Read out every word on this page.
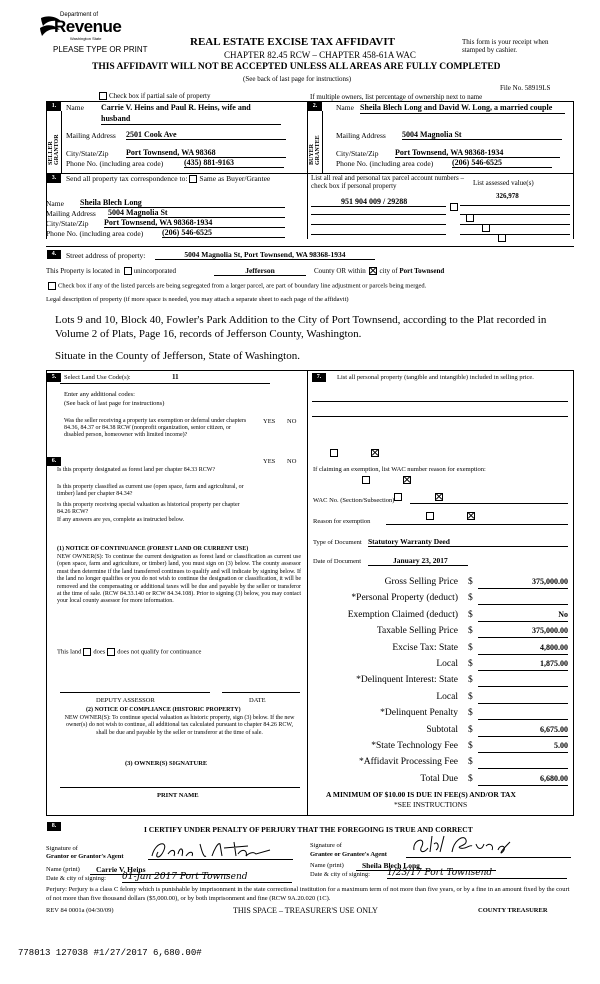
Department of
Revenue
Washington State
PLEASE TYPE OR PRINT
REAL ESTATE EXCISE TAX AFFIDAVIT
CHAPTER 82.45 RCW – CHAPTER 458-61A WAC
THIS AFFIDAVIT WILL NOT BE ACCEPTED UNLESS ALL AREAS ARE FULLY COMPLETED
(See back of last page for instructions)
This form is your receipt when stamped by cashier.
File No. 58919LS
Check box if partial sale of property	If multiple owners, list percentage of ownership next to name
1.
SELLER GRANTOR
Name Carrie V. Heins and Paul R. Heins, wife and husband
Mailing Address 2501 Cook Ave
City/State/Zip Port Townsend, WA 98368
Phone No. (including area code)	(435) 881-9163
2.
BUYER GRANTEE
Name Sheila Blech Long and David W. Long, a married couple
Mailing Address 5004 Magnolia St
City/State/Zip Port Townsend, WA 98368-1934
Phone No. (including area code) (206) 546-6525
3.	Send all property tax correspondence to: Same as Buyer/Grantee
Name Sheila Blech Long
Mailing Address 5004 Magnolia St
City/State/Zip Port Townsend, WA 98368-1934
Phone No. (including area code) (206) 546-6525
List all real and personal tax parcel account numbers – check box if personal property	List assessed value(s)
951 904 009 / 29288

326,978

4.	Street address of property:	5004 Magnolia St, Port Townsend, WA 98368-1934
This Property is located in unincorporated	Jefferson	County OR within city of Port Townsend
Check box if any of the listed parcels are being segregated from a larger parcel, are part of boundary line adjustment or parcels being merged.
Legal description of property (if more space is needed, you may attach a separate sheet to each page of the affidavit)
Lots 9 and 10, Block 40, Fowler's Park Addition to the City of Port Townsend, according to the Plat recorded in Volume 2 of Plats, Page 16, records of Jefferson County, Washington.
Situate in the County of Jefferson, State of Washington.
5.	Select Land Use Code(s):	11
Enter any additional codes:
(See back of last page for instructions)
YES NO
Was the seller receiving a property tax exemption or deferral under chapters 84.36, 84.37 or 84.38 RCW (nonprofit organization, senior citizen, or disabled person, homeowner with limited income)?

6.	YES NO
Is this property designated as forest land per chapter 84.33 RCW?

Is this property classified as current use (open space, farm and agricultural, or timber) land per chapter 84.34?

Is this property receiving special valuation as historical property per chapter 84.26 RCW?

If any answers are yes, complete as instructed below.
(1) NOTICE OF CONTINUANCE (FOREST LAND OR CURRENT USE)
NEW OWNER(S): To continue the current designation as forest land or classification as current use (open space, farm and agriculture, or timber) land, you must sign on (3) below. The county assessor must then determine if the land transferred continues to qualify and will indicate by signing below. If the land no longer qualifies or you do not wish to continue the designation or classification, it will be removed and the compensating or additional taxes will be due and payable by the seller or transferor at the time of sale. (RCW 84.33.140 or RCW 84.34.108). Prior to signing (3) below, you may contact your local county assessor for more information.
This land does does not qualify for continuance
DEPUTY ASSESSOR	DATE
(2) NOTICE OF COMPLIANCE (HISTORIC PROPERTY)
NEW OWNER(S): To continue special valuation as historic property, sign (3) below. If the new owner(s) do not wish to continue, all additional tax calculated pursuant to chapter 84.26 RCW, shall be due and payable by the seller or transferor at the time of sale.
(3) OWNER(S) SIGNATURE
PRINT NAME
7.	List all personal property (tangible and intangible) included in selling price.
If claiming an exemption, list WAC number reason for exemption:
WAC No. (Section/Subsection)
Reason for exemption
Type of Document Statutory Warranty Deed
Date of Document	January 23, 2017
Gross Selling Price $	375,000.00
*Personal Property (deduct) $
Exemption Claimed (deduct) $	No
Taxable Selling Price $	375,000.00
Excise Tax: State $	4,800.00
Local $	1,875.00
*Delinquent Interest: State $
Local $
*Delinquent Penalty $
Subtotal $	6,675.00
*State Technology Fee $	5.00
*Affidavit Processing Fee $
Total Due $	6,680.00
A MINIMUM OF $10.00 IS DUE IN FEE(S) AND/OR TAX
*SEE INSTRUCTIONS
8.	I CERTIFY UNDER PENALTY OF PERJURY THAT THE FOREGOING IS TRUE AND CORRECT
Signature of
Grantor or Grantor's Agent
Name (print)	Carrie V. Heins
Date & city of signing: 01-Jan 2017 Port Townsend
Signature of
Grantee or Grantee's Agent
Name (print)	Sheila Blech Long
Date & city of signing: 1/23/17 Port Townsend
Perjury: Perjury is a class C felony which is punishable by imprisonment in the state correctional institution for a maximum term of not more than five years, or by a fine in an amount fixed by the court of not more than five thousand dollars ($5,000.00), or by both imprisonment and fine (RCW 9A.20.020 (1C).
REV 84 0001a (04/30/09)	THIS SPACE – TREASURER'S USE ONLY	COUNTY TREASURER
778013 127038 #1/27/2017 6,680.00#
